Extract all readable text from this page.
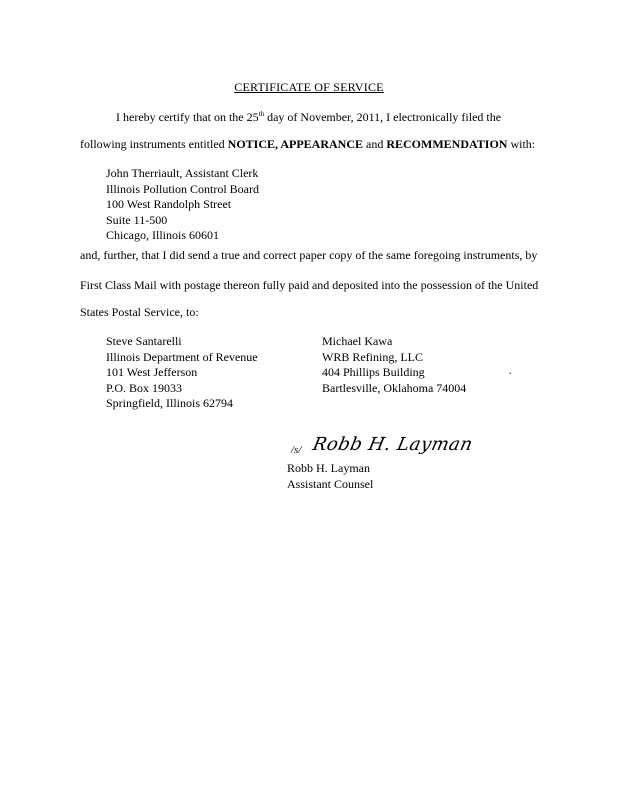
CERTIFICATE OF SERVICE
I hereby certify that on the 25th day of November, 2011, I electronically filed the
following instruments entitled NOTICE, APPEARANCE and RECOMMENDATION with:
John Therriault, Assistant Clerk
Illinois Pollution Control Board
100 West Randolph Street
Suite 11-500
Chicago, Illinois 60601
and, further, that I did send a true and correct paper copy of the same foregoing instruments, by
First Class Mail with postage thereon fully paid and deposited into the possession of the United
States Postal Service, to:
Steve Santarelli
Illinois Department of Revenue
101 West Jefferson
P.O. Box 19033
Springfield, Illinois 62794
Michael Kawa
WRB Refining, LLC
404 Phillips Building
Bartlesville, Oklahoma 74004
.
/s/ Robb H. Layman
Robb H. Layman
Assistant Counsel
